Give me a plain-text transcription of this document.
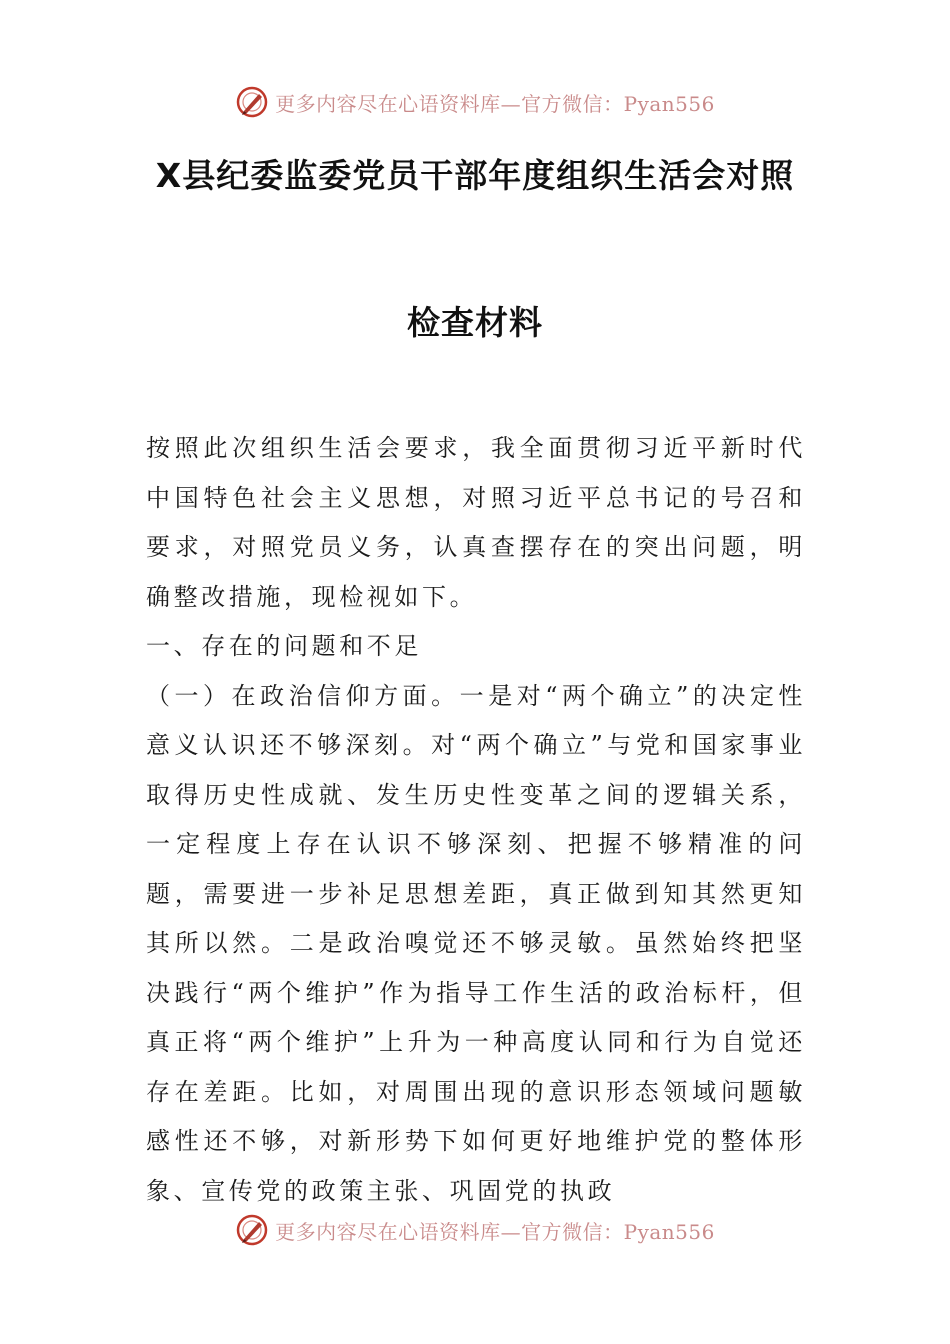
更多内容尽在心语资料库—官方微信：Pyan556
X县纪委监委党员干部年度组织生活会对照
检查材料

按照此次组织生活会要求，我全面贯彻习近平新时代中国特色社会主义思想，对照习近平总书记的号召和要求，对照党员义务，认真查摆存在的突出问题，明确整改措施，现检视如下。

一、存在的问题和不足

（一）在政治信仰方面。一是对“两个确立”的决定性意义认识还不够深刻。对“两个确立”与党和国家事业取得历史性成就、发生历史性变革之间的逻辑关系，一定程度上存在认识不够深刻、把握不够精准的问题，需要进一步补足思想差距，真正做到知其然更知其所以然。二是政治嗅觉还不够灵敏。虽然始终把坚决践行“两个维护”作为指导工作生活的政治标杆，但真正将“两个维护”上升为一种高度认同和行为自觉还存在差距。比如，对周围出现的意识形态领域问题敏感性还不够，对新形势下如何更好地维护党的整体形象、宣传党的政策主张、巩固党的执政

更多内容尽在心语资料库—官方微信：Pyan556
